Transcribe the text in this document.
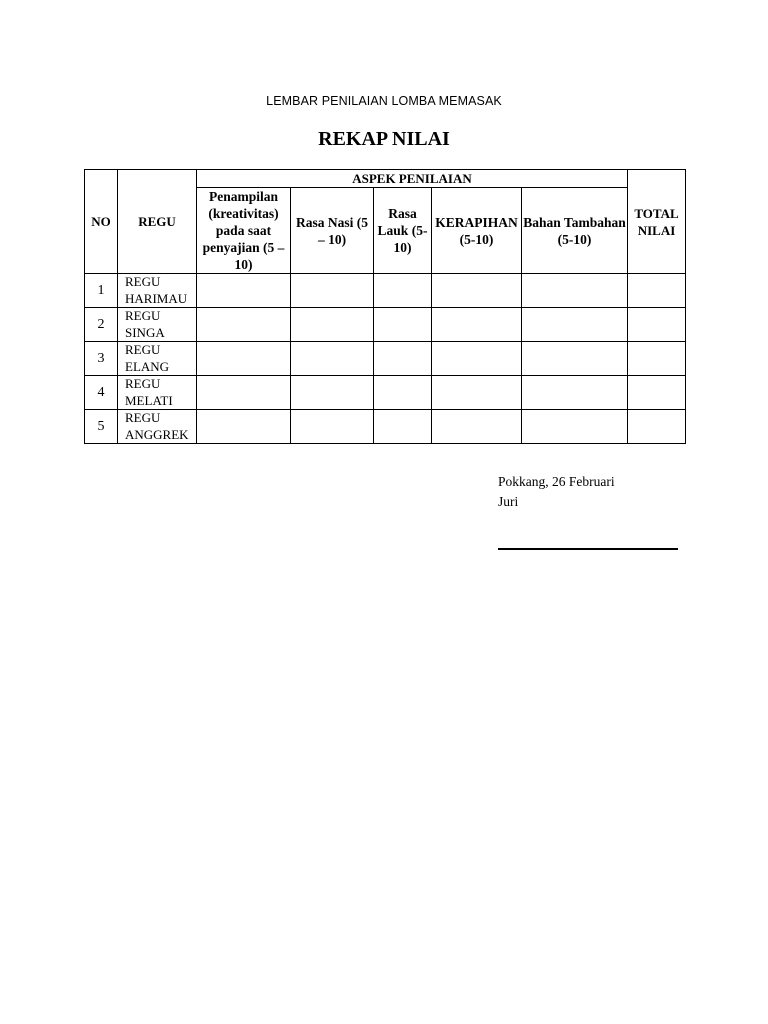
LEMBAR PENILAIAN LOMBA MEMASAK
REKAP NILAI
NO	REGU	ASPEK PENILAIAN					TOTAL NILAI
		Penampilan (kreativitas) pada saat penyajian (5 – 10)	Rasa Nasi (5 – 10)	Rasa Lauk (5-10)	KERAPIHAN (5-10)	Bahan Tambahan (5-10)	
1	REGU HARIMAU						
2	REGU SINGA						
3	REGU ELANG						
4	REGU MELATI						
5	REGU ANGGREK						
Pokkang, 26 Februari
Juri
